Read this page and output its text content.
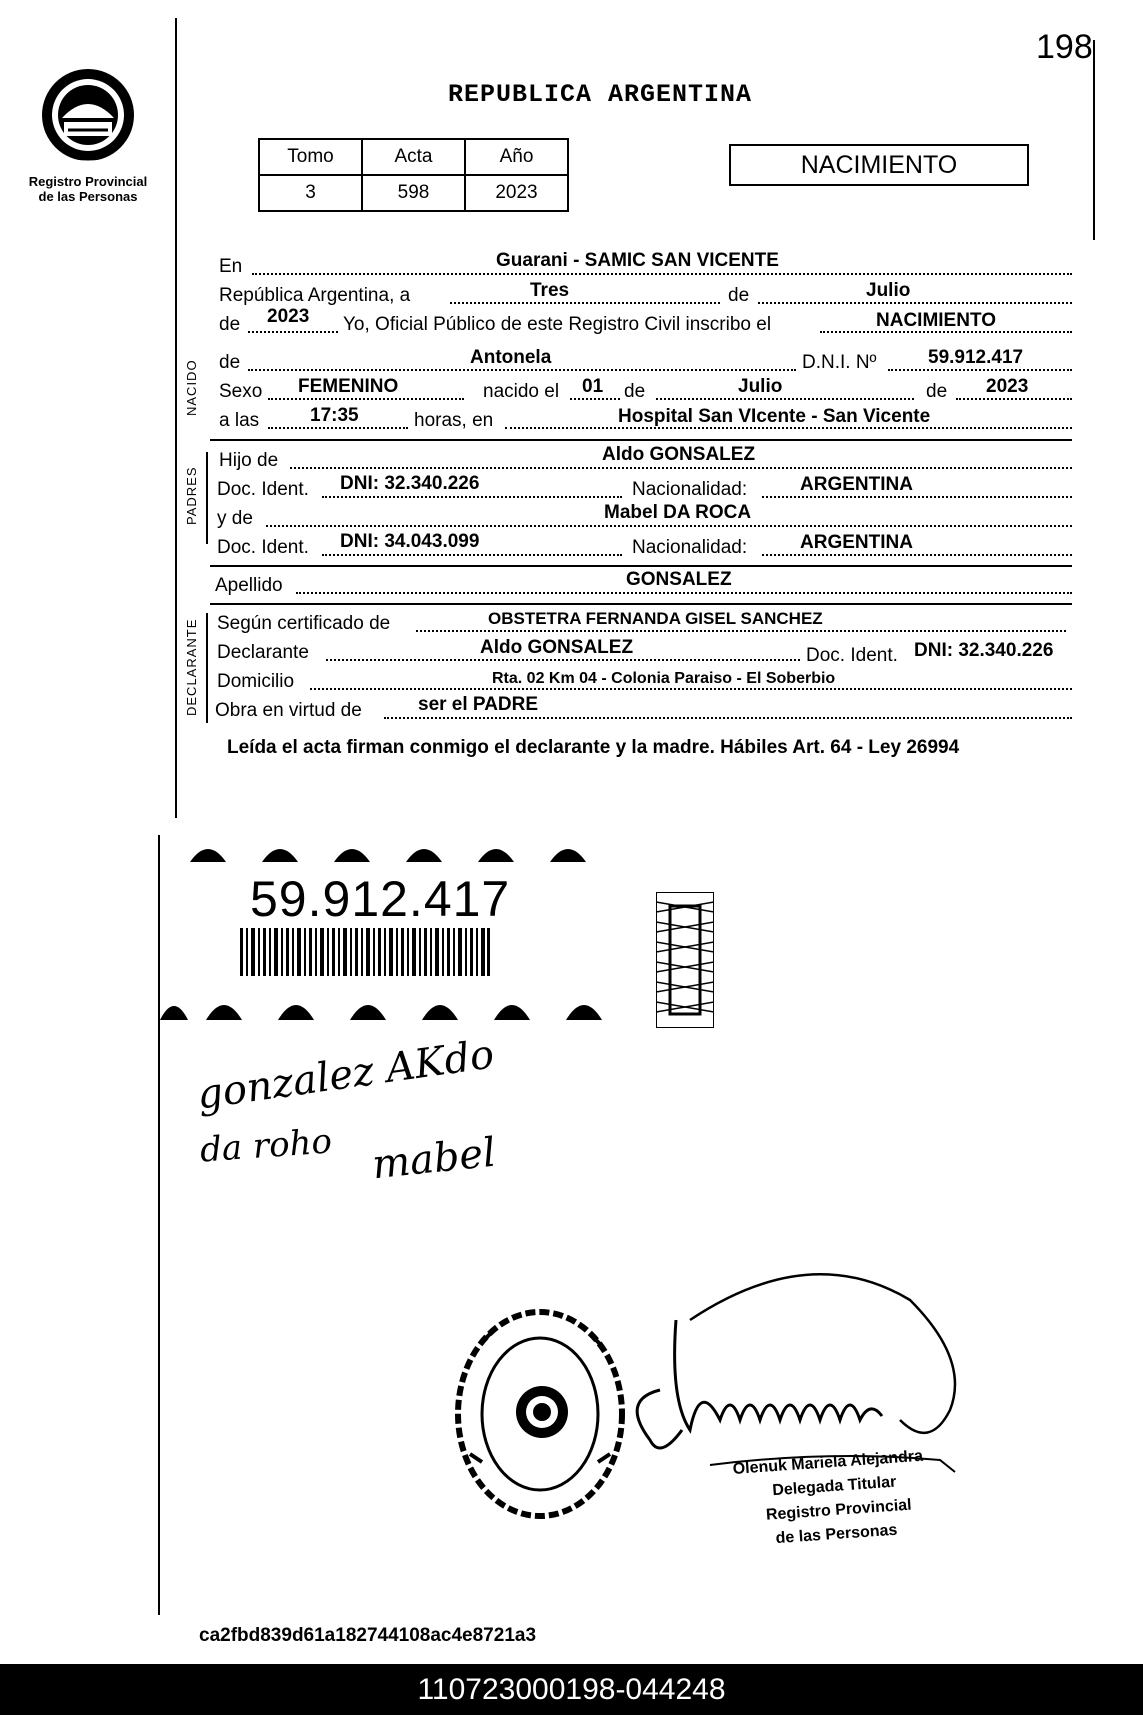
198
Registro Provincial
de las Personas
REPUBLICA ARGENTINA
Tomo	Acta	Año
3	598	2023
NACIMIENTO
En	Guarani - SAMIC SAN VICENTE
República Argentina, a	Tres	de	Julio
de 2023 Yo, Oficial Público de este Registro Civil inscribo el	NACIMIENTO
NACIDO de	Antonela	D.N.I. Nº	59.912.417
Sexo FEMENINO	nacido el 01 de	Julio	de 2023
a las	17:35	horas, en	Hospital San VIcente - San Vicente
PADRES
Hijo de	Aldo GONSALEZ
Doc. Ident. DNI: 32.340.226	Nacionalidad:	ARGENTINA
y de	Mabel DA ROCA
Doc. Ident. DNI: 34.043.099	Nacionalidad:	ARGENTINA
Apellido	GONSALEZ
DECLARANTE Según certificado de	OBSTETRA FERNANDA GISEL SANCHEZ
Declarante	Aldo GONSALEZ	Doc. Ident. DNI: 32.340.226
Domicilio	Rta. 02 Km 04 - Colonia Paraiso - El Soberbio
Obra en virtud de	ser el PADRE
Leída el acta firman conmigo el declarante y la madre. Hábiles Art. 64 - Ley 26994
59.912.417
gonzalez AKdo
da roho mabel
Olenuk Mariela Alejandra
Delegada Titular
Registro Provincial
de las Personas
ca2fbd839d61a182744108ac4e8721a3
110723000198-044248
